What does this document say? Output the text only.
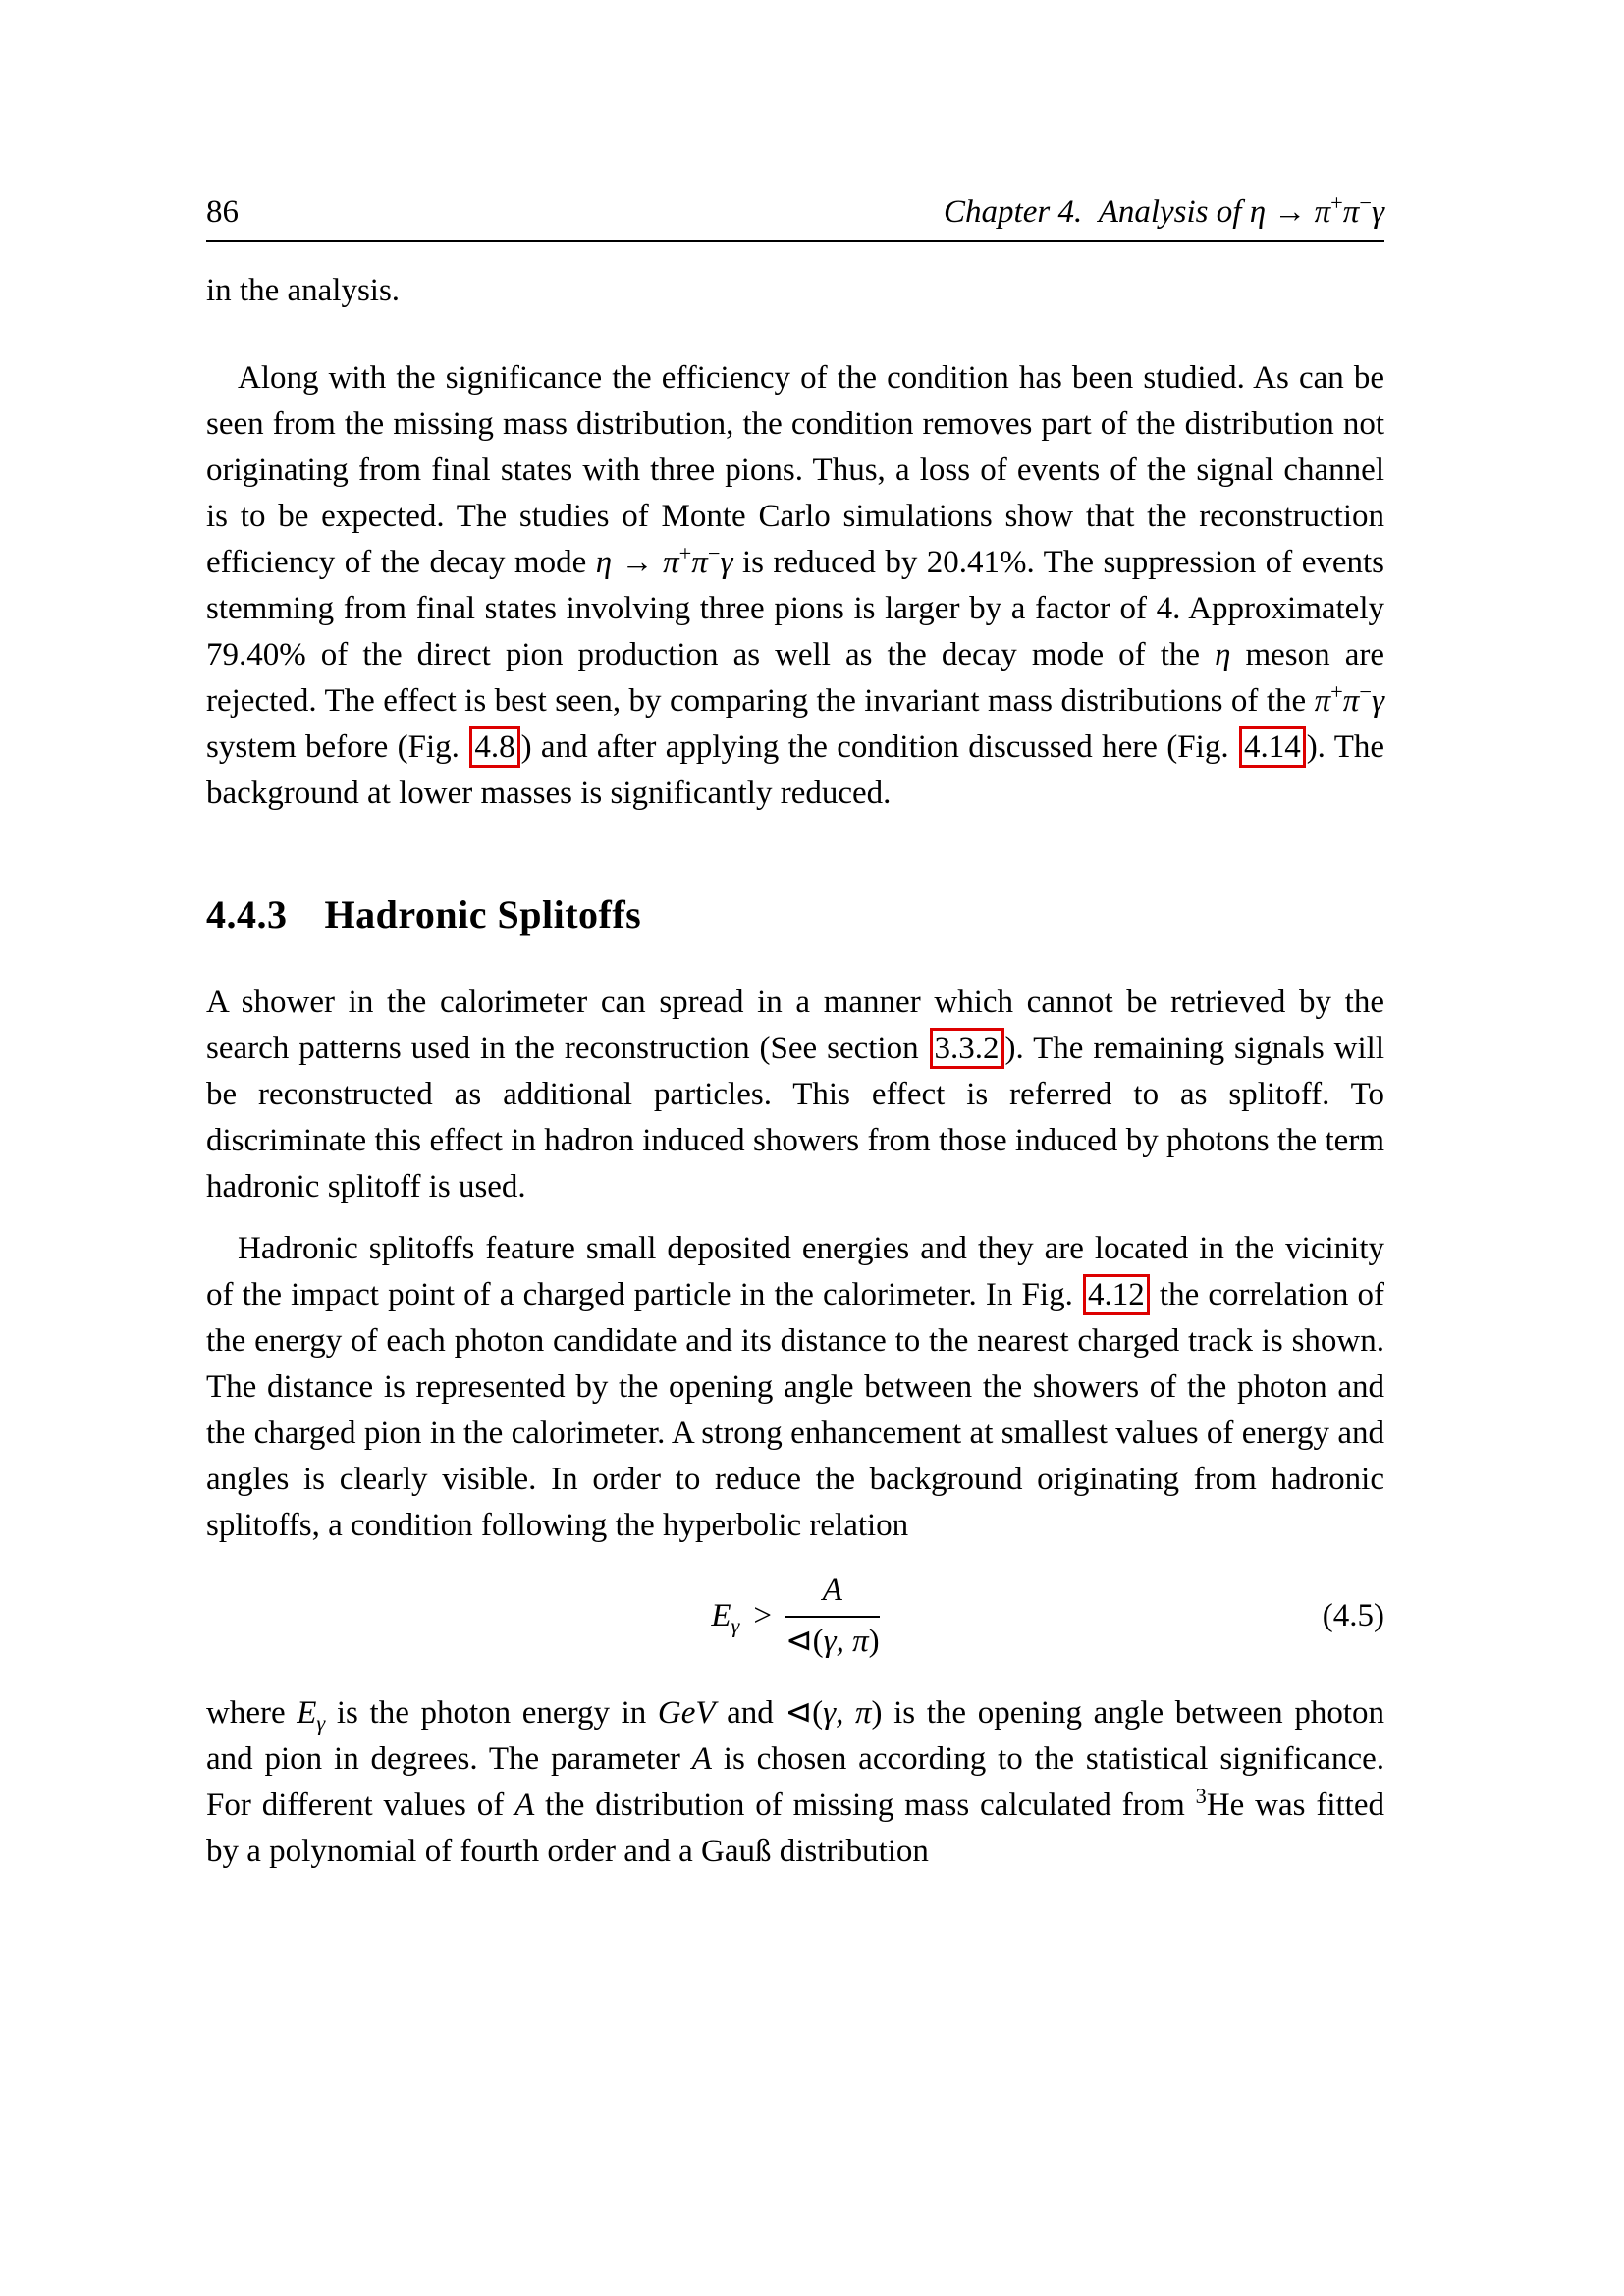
86	Chapter 4. Analysis of η → π+π−γ

in the analysis.

Along with the significance the efficiency of the condition has been studied. As can be seen from the missing mass distribution, the condition removes part of the distribution not originating from final states with three pions. Thus, a loss of events of the signal channel is to be expected. The studies of Monte Carlo simulations show that the reconstruction efficiency of the decay mode η → π+π−γ is reduced by 20.41%. The suppression of events stemming from final states involving three pions is larger by a factor of 4. Approximately 79.40% of the direct pion production as well as the decay mode of the η meson are rejected. The effect is best seen, by comparing the invariant mass distributions of the π+π−γ system before (Fig. 4.8 ) and after applying the condition discussed here (Fig. 4.14 ). The background at lower masses is significantly reduced.

4.4.3 Hadronic Splitoffs

A shower in the calorimeter can spread in a manner which cannot be retrieved by the search patterns used in the reconstruction (See section 3.3.2 ). The remaining signals will be reconstructed as additional particles. This effect is referred to as splitoff. To discriminate this effect in hadron induced showers from those induced by photons the term hadronic splitoff is used.

Hadronic splitoffs feature small deposited energies and they are located in the vicinity of the impact point of a charged particle in the calorimeter. In Fig. 4.12 the correlation of the energy of each photon candidate and its distance to the nearest charged track is shown. The distance is represented by the opening angle between the showers of the photon and the charged pion in the calorimeter. A strong enhancement at smallest values of energy and angles is clearly visible. In order to reduce the background originating from hadronic splitoffs, a condition following the hyperbolic relation

$E_\gamma > \frac{A}{⊲(\gamma, \pi)}$	(4.5)

where $E_\gamma$ is the photon energy in GeV and ⊲(γ, π) is the opening angle between photon and pion in degrees. The parameter A is chosen according to the statistical significance. For different values of A the distribution of missing mass calculated from $^3$He was fitted by a polynomial of fourth order and a Gauß distribution
